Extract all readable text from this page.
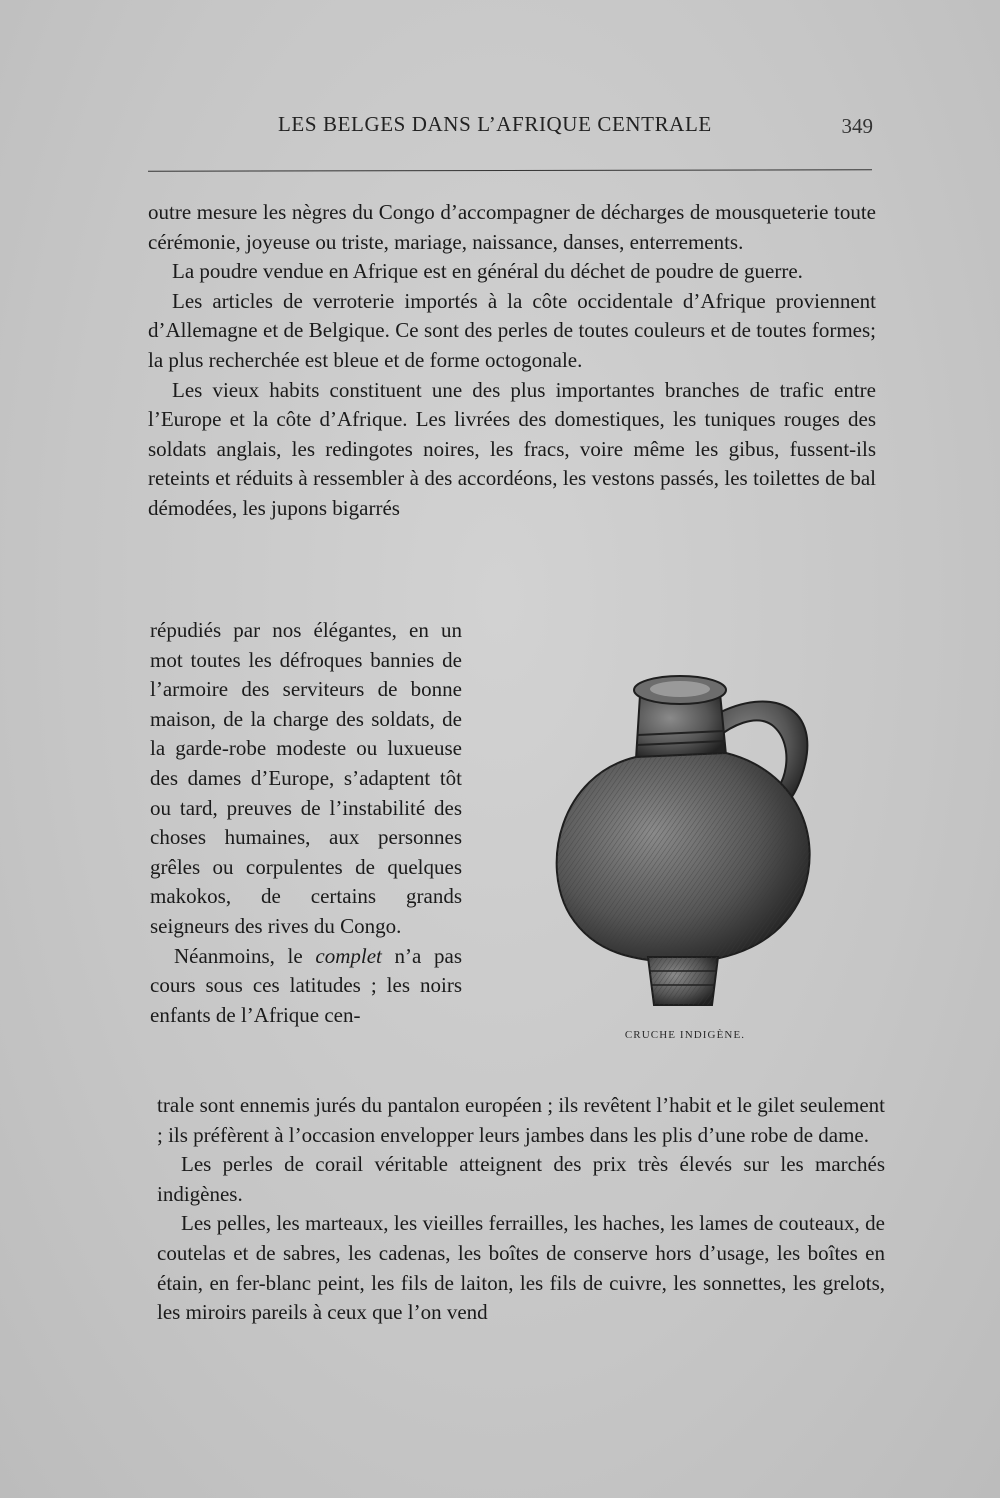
LES BELGES DANS L’AFRIQUE CENTRALE	349

outre mesure les nègres du Congo d’accompagner de décharges de mousqueterie toute cérémonie, joyeuse ou triste, mariage, naissance, danses, enterrements.

La poudre vendue en Afrique est en général du déchet de poudre de guerre.

Les articles de verroterie importés à la côte occidentale d’Afrique proviennent d’Allemagne et de Belgique. Ce sont des perles de toutes couleurs et de toutes formes; la plus recherchée est bleue et de forme octogonale.

Les vieux habits constituent une des plus importantes branches de trafic entre l’Europe et la côte d’Afrique. Les livrées des domestiques, les tuniques rouges des soldats anglais, les redingotes noires, les fracs, voire même les gibus, fussent-ils reteints et réduits à ressembler à des accordéons, les vestons passés, les toilettes de bal démodées, les jupons bigarrés

répudiés par nos élégantes, en un mot toutes les défroques bannies de l’armoire des serviteurs de bonne maison, de la charge des soldats, de la garde-robe modeste ou luxueuse des dames d’Europe, s’adaptent tôt ou tard, preuves de l’instabilité des choses humaines, aux personnes grêles ou corpulentes de quelques makokos, de certains grands seigneurs des rives du Congo.

Néanmoins, le complet n’a pas cours sous ces latitudes ; les noirs enfants de l’Afrique cen-

CRUCHE INDIGÈNE.

trale sont ennemis jurés du pantalon européen ; ils revêtent l’habit et le gilet seulement ; ils préfèrent à l’occasion envelopper leurs jambes dans les plis d’une robe de dame.

Les perles de corail véritable atteignent des prix très élevés sur les marchés indigènes.

Les pelles, les marteaux, les vieilles ferrailles, les haches, les lames de couteaux, de coutelas et de sabres, les cadenas, les boîtes de conserve hors d’usage, les boîtes en étain, en fer-blanc peint, les fils de laiton, les fils de cuivre, les sonnettes, les grelots, les miroirs pareils à ceux que l’on vend
